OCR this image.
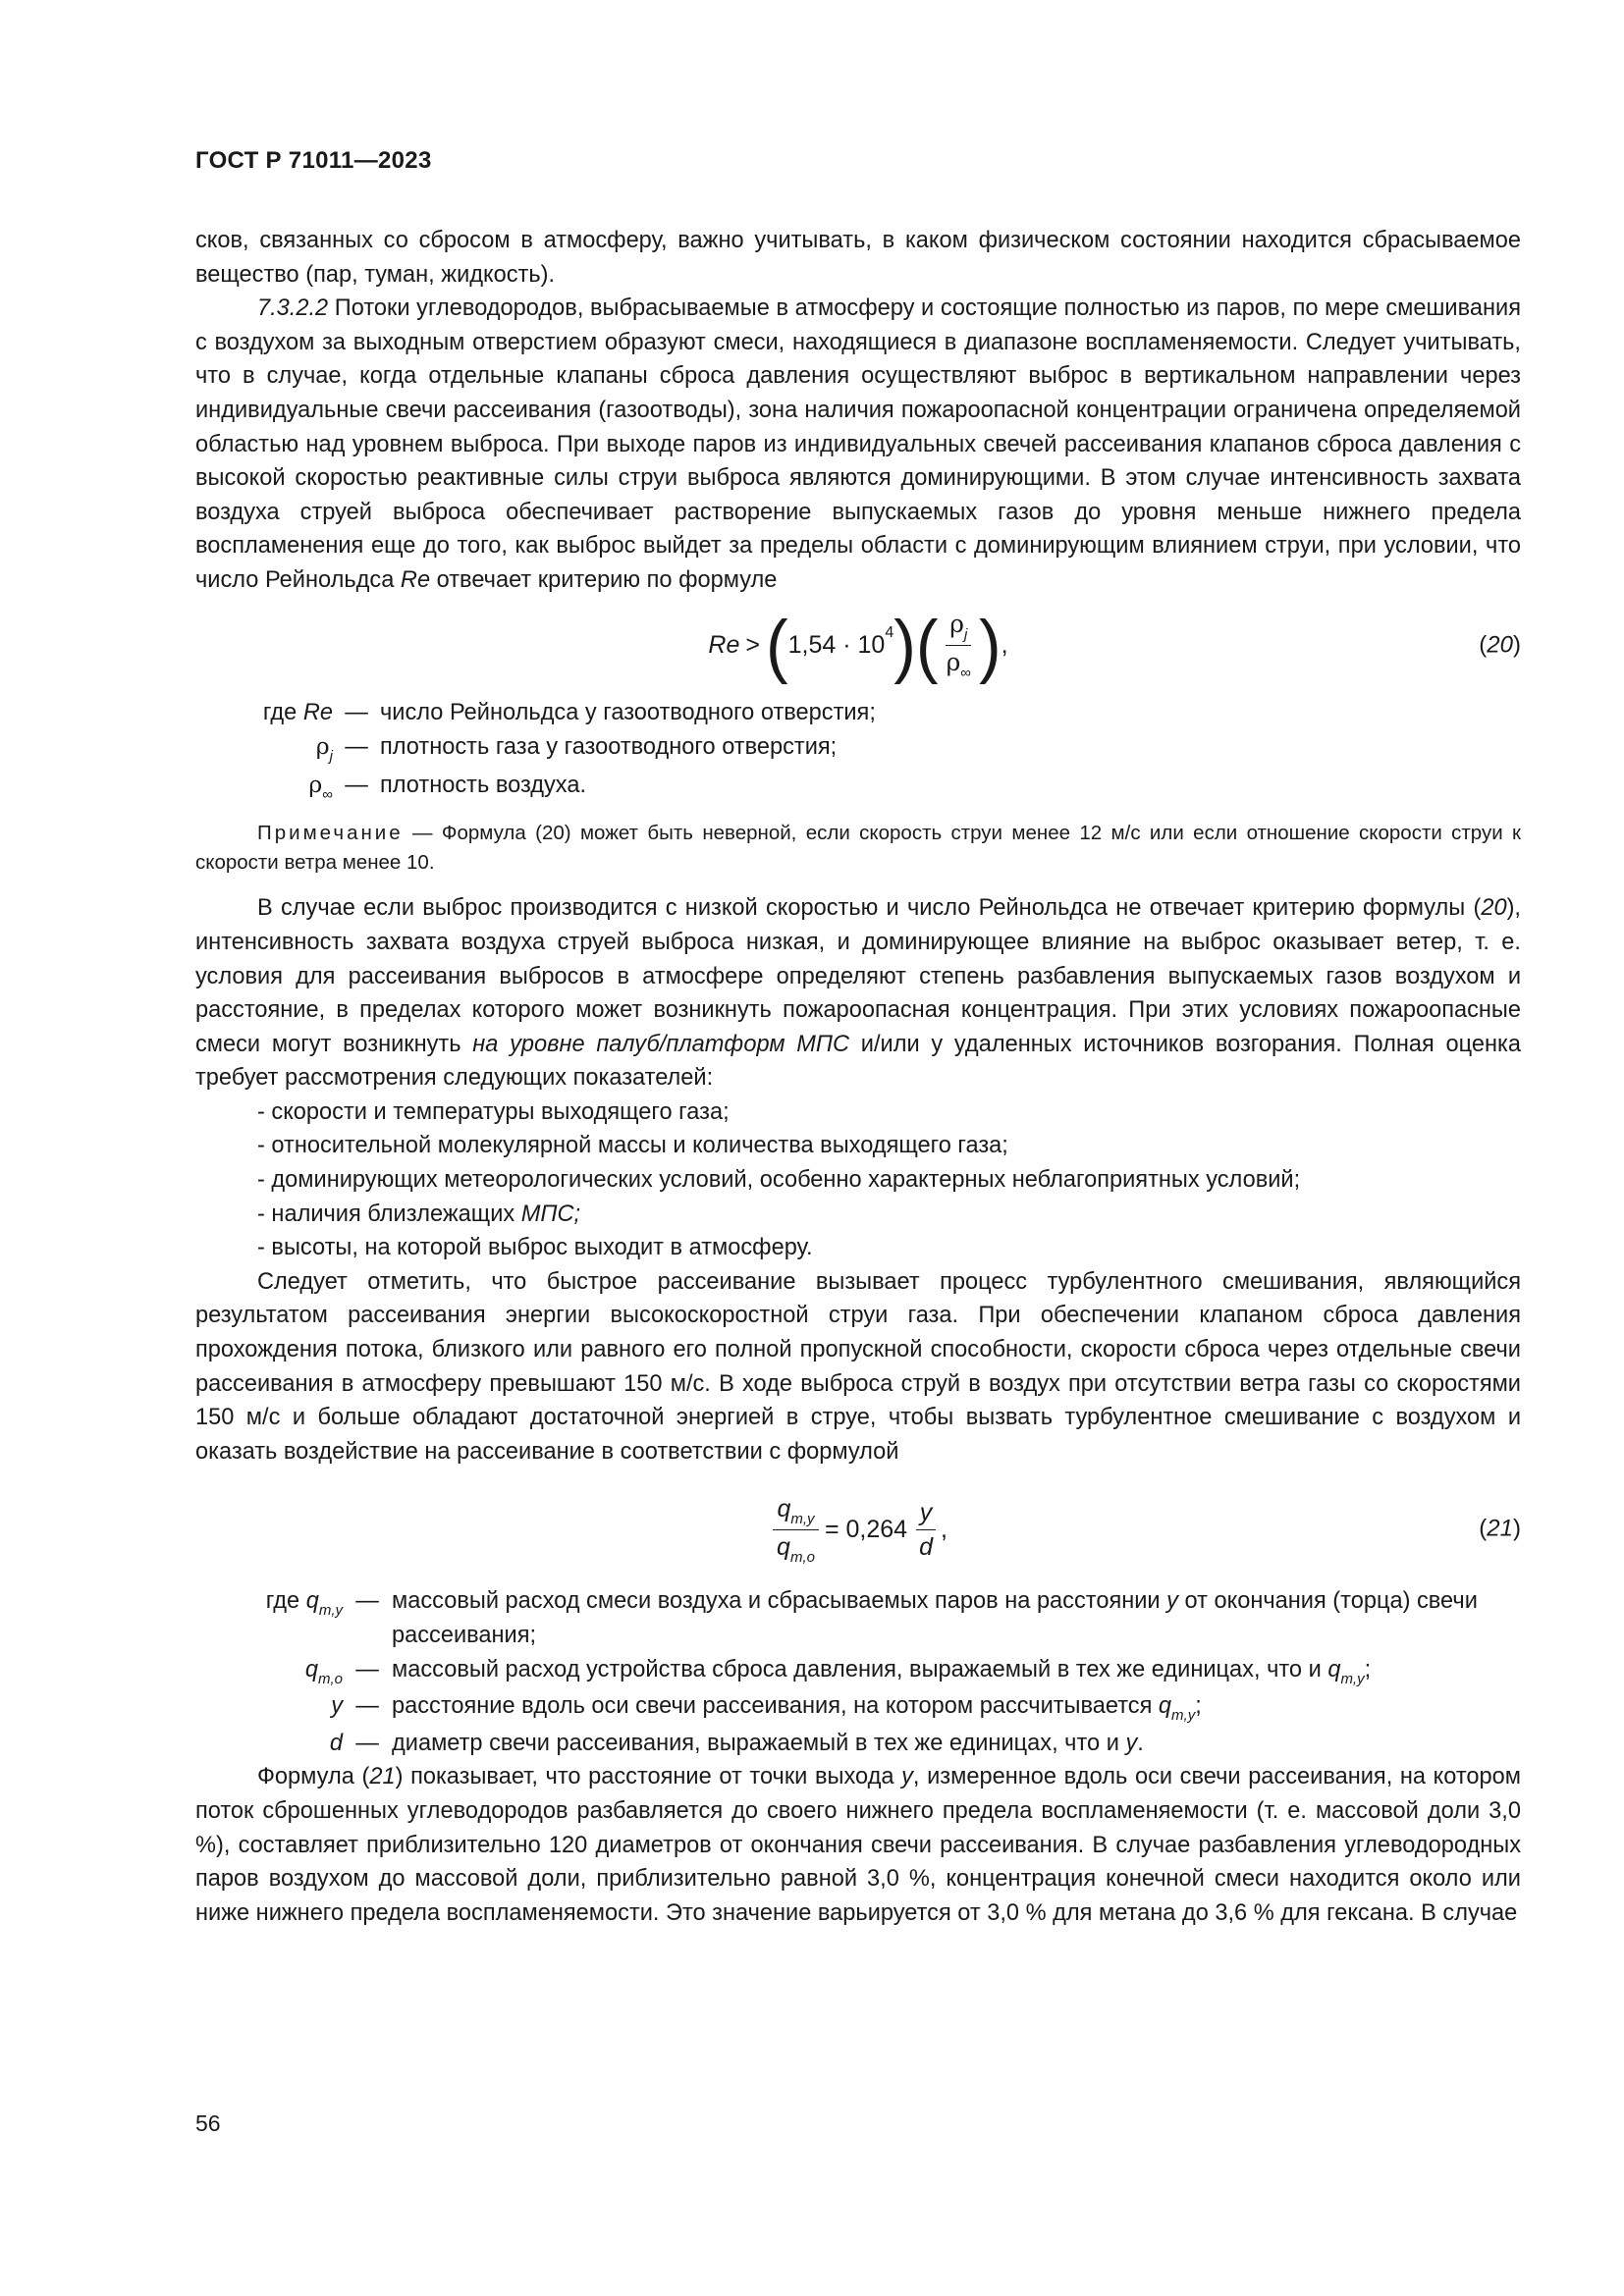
ГОСТ Р 71011—2023

сков, связанных со сбросом в атмосферу, важно учитывать, в каком физическом состоянии находится сбрасываемое вещество (пар, туман, жидкость).

7.3.2.2 Потоки углеводородов, выбрасываемые в атмосферу и состоящие полностью из паров, по мере смешивания с воздухом за выходным отверстием образуют смеси, находящиеся в диапазоне воспламеняемости. Следует учитывать, что в случае, когда отдельные клапаны сброса давления осуществляют выброс в вертикальном направлении через индивидуальные свечи рассеивания (газоотводы), зона наличия пожароопасной концентрации ограничена определяемой областью над уровнем выброса. При выходе паров из индивидуальных свечей рассеивания клапанов сброса давления с высокой скоростью реактивные силы струи выброса являются доминирующими. В этом случае интенсивность захвата воздуха струей выброса обеспечивает растворение выпускаемых газов до уровня меньше нижнего предела воспламенения еще до того, как выброс выйдет за пределы области с доминирующим влиянием струи, при условии, что число Рейнольдса Re отвечает критерию по формуле

Re > ( 1,54 · 10 4 ) ( $\frac{\rho_j}{\rho_\infty}$ ) ,	(20)
где Re — число Рейнольдса у газоотводного отверстия;
$\rho_j$ — плотность газа у газоотводного отверстия;
$\rho_\infty$ — плотность воздуха.
Примечание — Формула (20) может быть неверной, если скорость струи менее 12 м/с или если отношение скорости струи к скорости ветра менее 10.

В случае если выброс производится с низкой скоростью и число Рейнольдса не отвечает критерию формулы (20), интенсивность захвата воздуха струей выброса низкая, и доминирующее влияние на выброс оказывает ветер, т. е. условия для рассеивания выбросов в атмосфере определяют степень разбавления выпускаемых газов воздухом и расстояние, в пределах которого может возникнуть пожароопасная концентрация. При этих условиях пожароопасные смеси могут возникнуть на уровне палуб/платформ МПС и/или у удаленных источников возгорания. Полная оценка требует рассмотрения следующих показателей:

- скорости и температуры выходящего газа;

- относительной молекулярной массы и количества выходящего газа;

- доминирующих метеорологических условий, особенно характерных неблагоприятных условий;

- наличия близлежащих МПС;

- высоты, на которой выброс выходит в атмосферу.

Следует отметить, что быстрое рассеивание вызывает процесс турбулентного смешивания, являющийся результатом рассеивания энергии высокоскоростной струи газа. При обеспечении клапаном сброса давления прохождения потока, близкого или равного его полной пропускной способности, скорости сброса через отдельные свечи рассеивания в атмосферу превышают 150 м/с. В ходе выброса струй в воздух при отсутствии ветра газы со скоростями 150 м/с и больше обладают достаточной энергией в струе, чтобы вызвать турбулентное смешивание с воздухом и оказать воздействие на рассеивание в соответствии с формулой

$\frac{q_{m,y}}{q_{m,o}} = 0,264 \frac{y}{d}$ ,	(21)
где $q_{m,y}$ — массовый расход смеси воздуха и сбрасываемых паров на расстоянии y от окончания (торца) свечи рассеивания;
$q_{m,o}$ — массовый расход устройства сброса давления, выражаемый в тех же единицах, что и $q_{m,y}$;
y — расстояние вдоль оси свечи рассеивания, на котором рассчитывается $q_{m,y}$;
d — диаметр свечи рассеивания, выражаемый в тех же единицах, что и y.

Формула (21) показывает, что расстояние от точки выхода y, измеренное вдоль оси свечи рассеивания, на котором поток сброшенных углеводородов разбавляется до своего нижнего предела воспламеняемости (т. е. массовой доли 3,0 %), составляет приблизительно 120 диаметров от окончания свечи рассеивания. В случае разбавления углеводородных паров воздухом до массовой доли, приблизительно равной 3,0 %, концентрация конечной смеси находится около или ниже нижнего предела воспламеняемости. Это значение варьируется от 3,0 % для метана до 3,6 % для гексана. В случае

56
